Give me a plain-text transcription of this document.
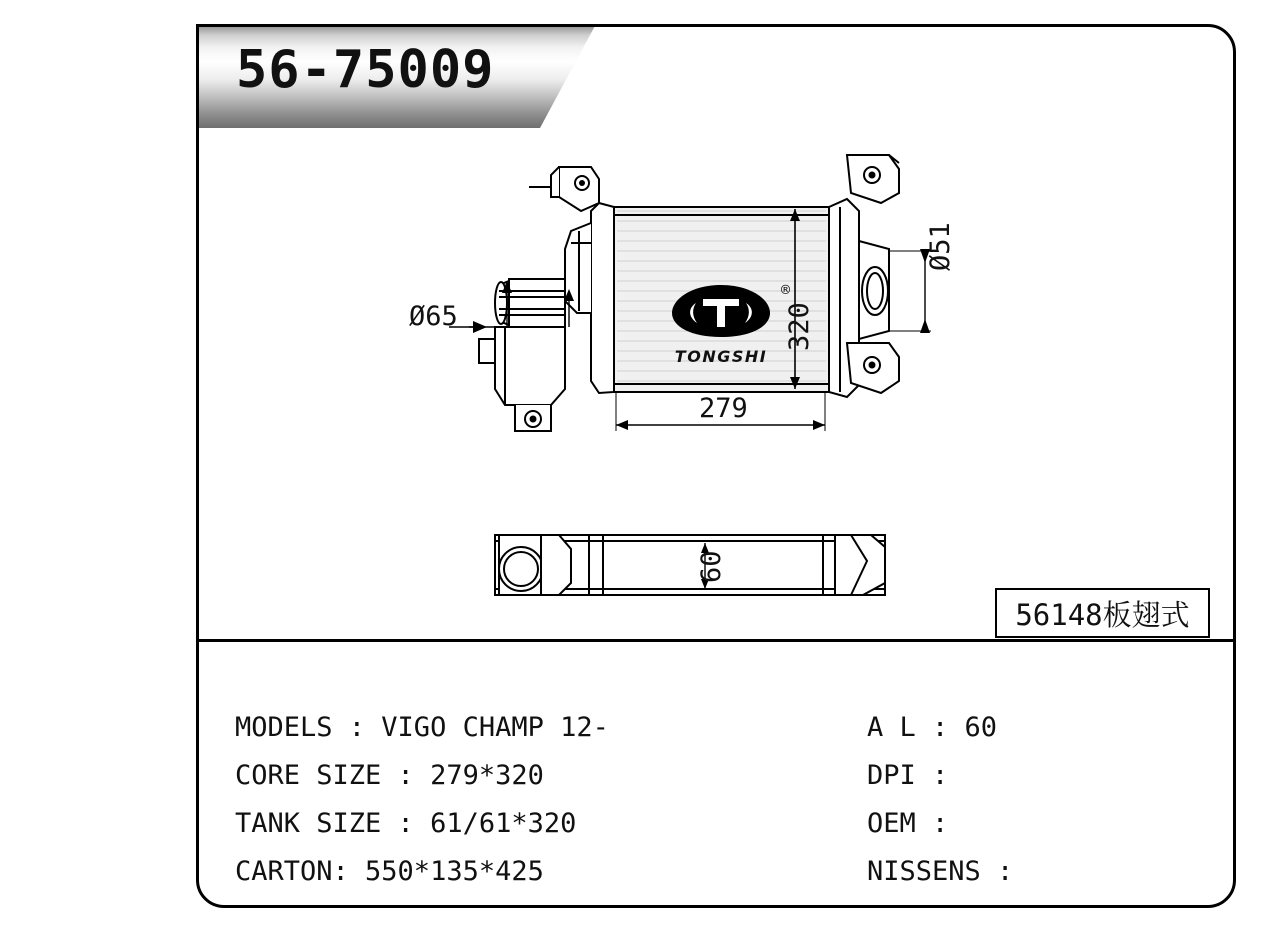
56-75009
TONGSHI
®
Ø65
Ø51
320
279
60
56148板翅式
MODELS : VIGO CHAMP 12-
CORE SIZE : 279*320
TANK SIZE : 61/61*320
CARTON: 550*135*425
A L : 60
DPI :
OEM :
NISSENS :
